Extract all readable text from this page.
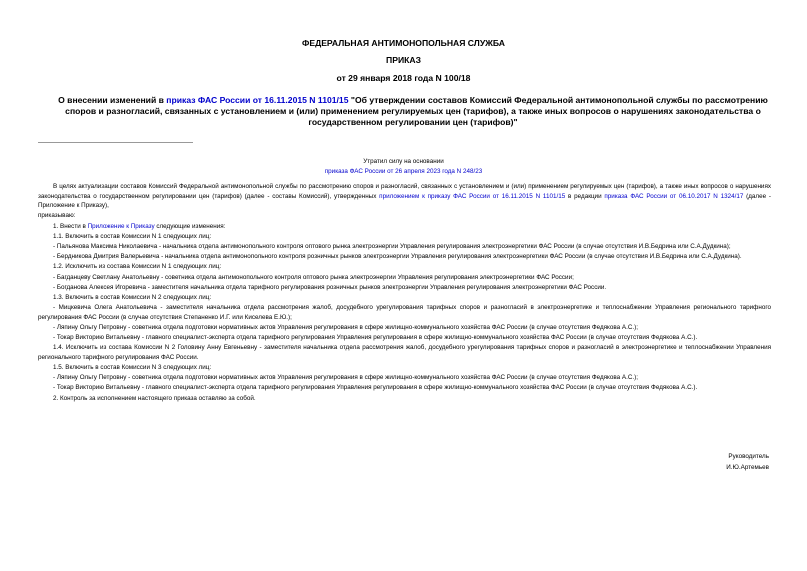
ФЕДЕРАЛЬНАЯ АНТИМОНОПОЛЬНАЯ СЛУЖБА
ПРИКАЗ
от 29 января 2018 года N 100/18
О внесении изменений в приказ ФАС России от 16.11.2015 N 1101/15 "Об утверждении составов Комиссий Федеральной антимонопольной службы по рассмотрению споров и разногласий, связанных с установлением и (или) применением регулируемых цен (тарифов), а также иных вопросов о нарушениях законодательства о государственном регулировании цен (тарифов)"
Утратил силу на основании
приказа ФАС России от 26 апреля 2023 года N 248/23

В целях актуализации составов Комиссий Федеральной антимонопольной службы по рассмотрению споров и разногласий, связанных с установлением и (или) применением регулируемых цен (тарифов), а также иных вопросов о нарушениях законодательства о государственном регулировании цен (тарифов) (далее - составы Комиссий), утвержденных приложением к приказу ФАС России от 16.11.2015 N 1101/15 в редакции приказа ФАС России от 06.10.2017 N 1324/17 (далее - Приложение к Приказу),

приказываю:

1. Внести в Приложение к Приказу следующие изменения:

1.1. Включить в состав Комиссии N 1 следующих лиц:

- Пальянова Максима Николаевича - начальника отдела антимонопольного контроля оптового рынка электроэнергии Управления регулирования электроэнергетики ФАС России (в случае отсутствия И.В.Бедрина или С.А.Дудкина);

- Бердникова Дмитрия Валерьевича - начальника отдела антимонопольного контроля розничных рынков электроэнергии Управления регулирования электроэнергетики ФАС России (в случае отсутствия И.В.Бедрина или С.А.Дудкина).

1.2. Исключить из состава Комиссии N 1 следующих лиц:

- Багданцеву Светлану Анатольевну - советника отдела антимонопольного контроля оптового рынка электроэнергии Управления регулирования электроэнергетики ФАС России;

- Богданова Алексея Игоревича - заместителя начальника отдела тарифного регулирования розничных рынков электроэнергии Управления регулирования электроэнергетики ФАС России.

1.3. Включить в состав Комиссии N 2 следующих лиц:

- Мицкевича Олега Анатольевича - заместителя начальника отдела рассмотрения жалоб, досудебного урегулирования тарифных споров и разногласий в электроэнергетике и теплоснабжении Управления регионального тарифного регулирования ФАС России (в случае отсутствия Степаненко И.Г. или Киселева Е.Ю.);

- Ляпину Ольгу Петровну - советника отдела подготовки нормативных актов Управления регулирования в сфере жилищно-коммунального хозяйства ФАС России (в случае отсутствия Федякова А.С.);

- Токар Викторию Витальевну - главного специалист-эксперта отдела тарифного регулирования Управления регулирования в сфере жилищно-коммунального хозяйства ФАС России (в случае отсутствия Федякова А.С.).

1.4. Исключить из состава Комиссии N 2 Головину Анну Евгеньевну - заместителя начальника отдела рассмотрения жалоб, досудебного урегулирования тарифных споров и разногласий в электроэнергетике и теплоснабжении Управления регионального тарифного регулирования ФАС России.

1.5. Включить в состав Комиссии N 3 следующих лиц:

- Ляпину Ольгу Петровну - советника отдела подготовки нормативных актов Управления регулирования в сфере жилищно-коммунального хозяйства ФАС России (в случае отсутствия Федякова А.С.);

- Токар Викторию Витальевну - главного специалист-эксперта отдела тарифного регулирования Управления регулирования в сфере жилищно-коммунального хозяйства ФАС России (в случае отсутствия Федякова А.С.).

2. Контроль за исполнением настоящего приказа оставляю за собой.

Руководитель
И.Ю.Артемьев
